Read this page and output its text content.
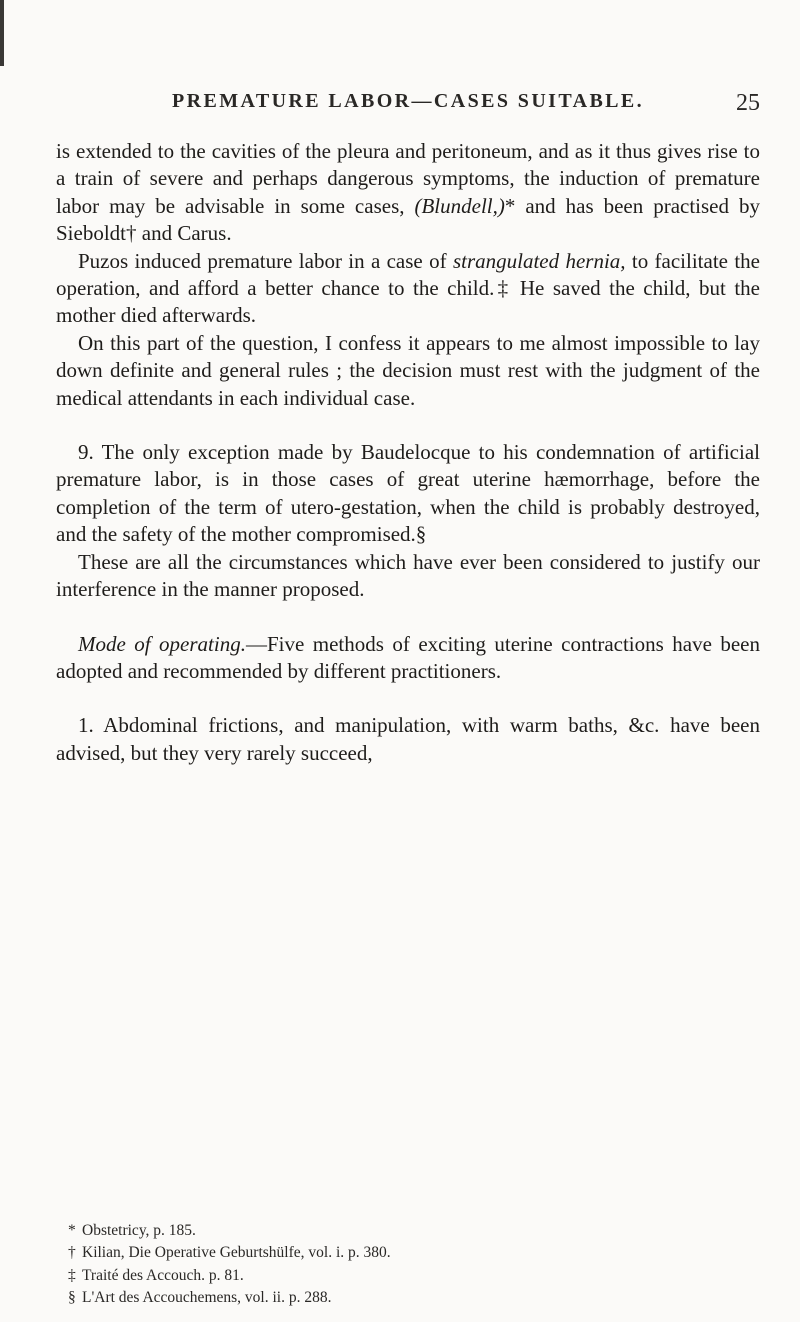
PREMATURE LABOR—CASES SUITABLE.	25

is extended to the cavities of the pleura and peritoneum, and as it thus gives rise to a train of severe and perhaps dangerous symptoms, the induction of premature labor may be advisable in some cases, (Blundell,)* and has been practised by Sieboldt† and Carus.

Puzos induced premature labor in a case of strangulated hernia, to facilitate the operation, and afford a better chance to the child.‡ He saved the child, but the mother died afterwards.

On this part of the question, I confess it appears to me almost impossible to lay down definite and general rules ; the decision must rest with the judgment of the medical attendants in each individual case.

9. The only exception made by Baudelocque to his condemnation of artificial premature labor, is in those cases of great uterine hæmorrhage, before the completion of the term of utero-gestation, when the child is probably destroyed, and the safety of the mother compromised.§

These are all the circumstances which have ever been considered to justify our interference in the manner proposed.

Mode of operating.—Five methods of exciting uterine contractions have been adopted and recommended by different practitioners.

1. Abdominal frictions, and manipulation, with warm baths, &c. have been advised, but they very rarely succeed,

* Obstetricy, p. 185.
† Kilian, Die Operative Geburtshülfe, vol. i. p. 380.
‡ Traité des Accouch. p. 81.
§ L'Art des Accouchemens, vol. ii. p. 288.
